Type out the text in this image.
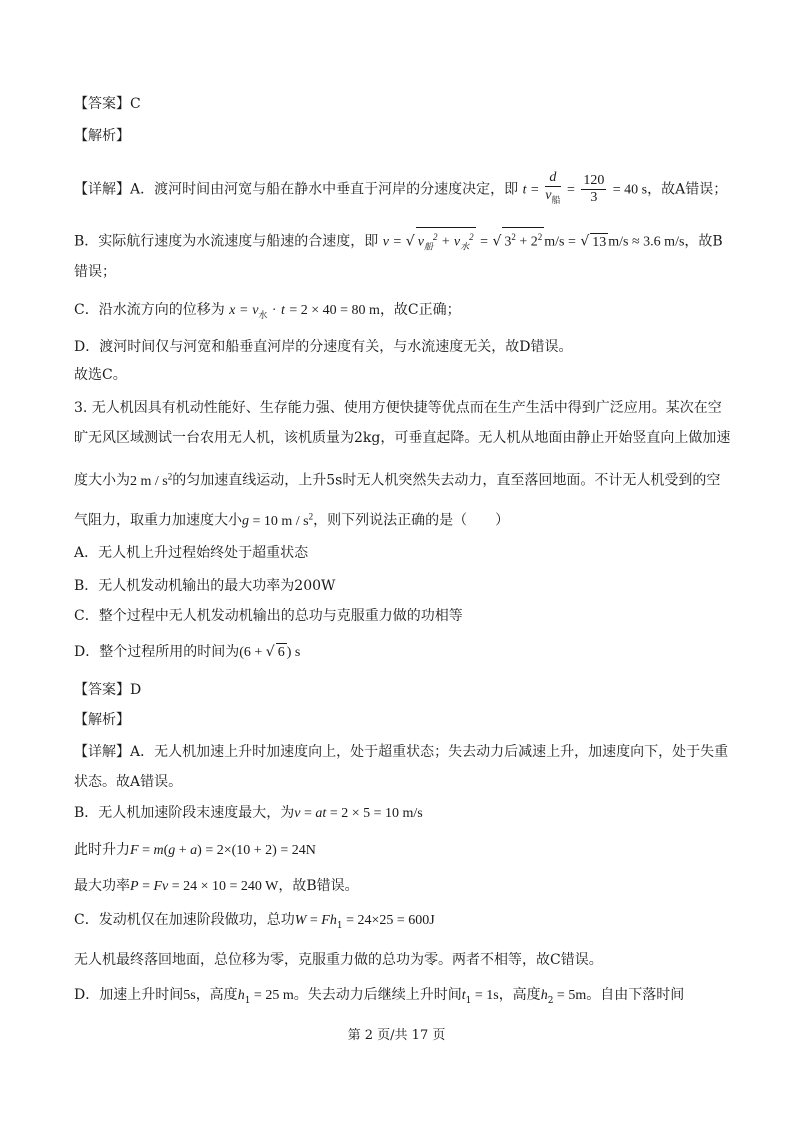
【答案】C
【解析】
【详解】A．渡河时间由河宽与船在静水中垂直于河岸的分速度决定，即 $t = \frac{d}{v_船} = \frac{120}{3} = 40$ s，故A错误；
B．实际航行速度为水流速度与船速的合速度，即 v = √ $v_船^2 + v_水^2$ = √ $3^2 + 2^2$ m/s = √ 13 m/s ≈ 3.6 m/s，故B
错误；
C．沿水流方向的位移为 $x = v_水 \cdot t = 2 \times 40 = 80$ m，故C正确；
D．渡河时间仅与河宽和船垂直河岸的分速度有关，与水流速度无关，故D错误。
故选C。
3. 无人机因具有机动性能好、生存能力强、使用方便快捷等优点而在生产生活中得到广泛应用。某次在空
旷无风区域测试一台农用无人机，该机质量为2kg，可垂直起降。无人机从地面由静止开始竖直向上做加速
度大小为2 m / $s^2$的匀加速直线运动，上升5s时无人机突然失去动力，直至落回地面。不计无人机受到的空
气阻力，取重力加速度大小g = 10 m / $s^2$，则下列说法正确的是（　　）
A．无人机上升过程始终处于超重状态
B．无人机发动机输出的最大功率为200W
C．整个过程中无人机发动机输出的总功与克服重力做的功相等
D．整个过程所用的时间为(6 + √ 6 ) s
【答案】D
【解析】
【详解】A．无人机加速上升时加速度向上，处于超重状态；失去动力后减速上升，加速度向下，处于失重
状态。故A错误。
B．无人机加速阶段末速度最大，为v = at = 2 × 5 = 10 m/s
此时升力F = m(g + a) = 2×(10 + 2) = 24N
最大功率P = Fv = 24 × 10 = 240 W，故B错误。
C．发动机仅在加速阶段做功，总功$W = Fh_1 = 24\times 25 = 600J$
无人机最终落回地面，总位移为零，克服重力做的总功为零。两者不相等，故C错误。
D．加速上升时间5s，高度$h_1 = 25$ m。失去动力后继续上升时间$t_1 = 1s$，高度$h_2 = 5m$。自由下落时间
第 2 页/共 17 页
